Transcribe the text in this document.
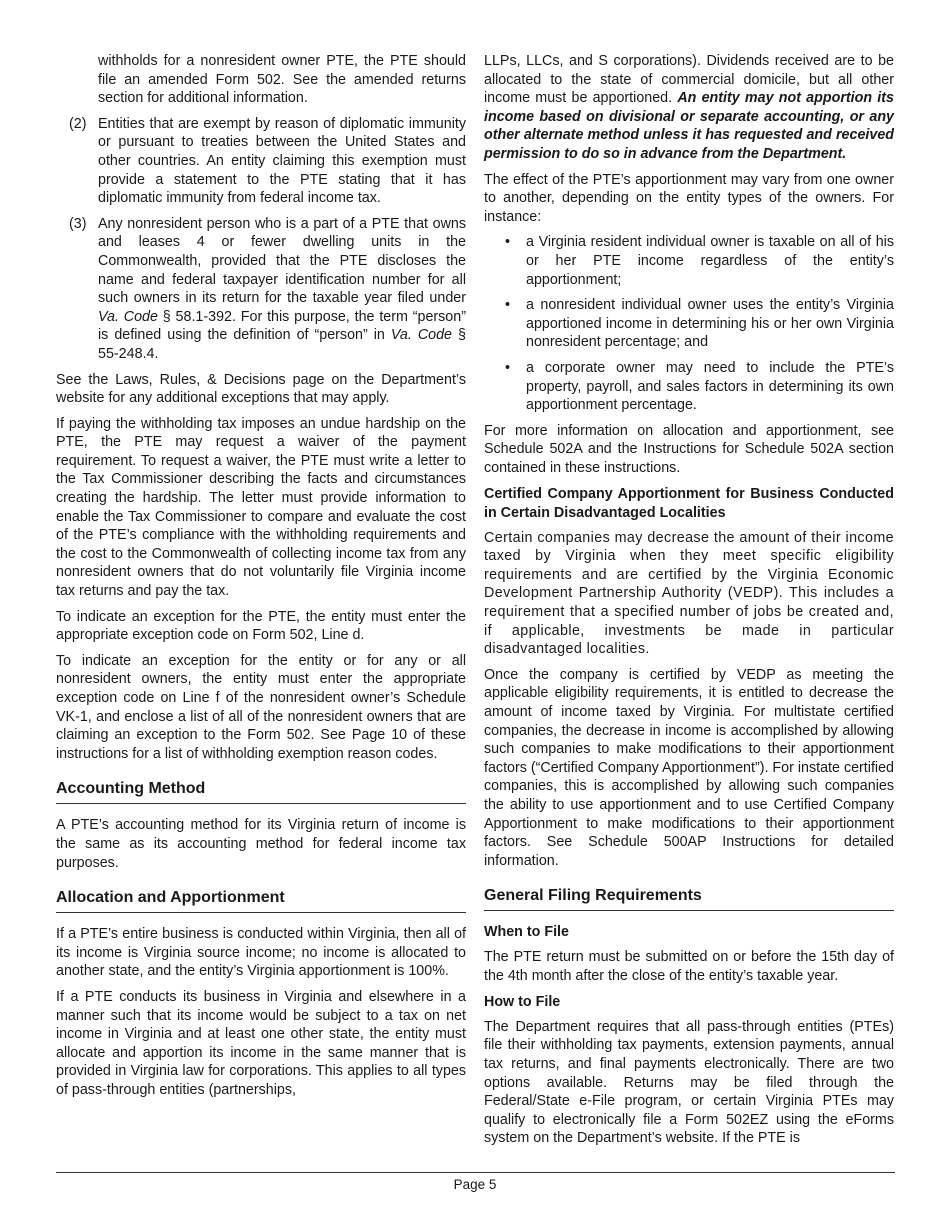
withholds for a nonresident owner PTE, the PTE should file an amended Form 502. See the amended returns section for additional information.

(2) Entities that are exempt by reason of diplomatic immunity or pursuant to treaties between the United States and other countries. An entity claiming this exemption must provide a statement to the PTE stating that it has diplomatic immunity from federal income tax.
(3) Any nonresident person who is a part of a PTE that owns and leases 4 or fewer dwelling units in the Commonwealth, provided that the PTE discloses the name and federal taxpayer identification number for all such owners in its return for the taxable year filed under Va. Code § 58.1-392. For this purpose, the term “person” is defined using the definition of “person” in Va. Code § 55-248.4.

See the Laws, Rules, & Decisions page on the Department’s website for any additional exceptions that may apply.

If paying the withholding tax imposes an undue hardship on the PTE, the PTE may request a waiver of the payment requirement. To request a waiver, the PTE must write a letter to the Tax Commissioner describing the facts and circumstances creating the hardship. The letter must provide information to enable the Tax Commissioner to compare and evaluate the cost of the PTE’s compliance with the withholding requirements and the cost to the Commonwealth of collecting income tax from any nonresident owners that do not voluntarily file Virginia income tax returns and pay the tax.

To indicate an exception for the PTE, the entity must enter the appropriate exception code on Form 502, Line d.

To indicate an exception for the entity or for any or all nonresident owners, the entity must enter the appropriate exception code on Line f of the nonresident owner’s Schedule VK-1, and enclose a list of all of the nonresident owners that are claiming an exception to the Form 502. See Page 10 of these instructions for a list of withholding exemption reason codes.

Accounting Method

A PTE’s accounting method for its Virginia return of income is the same as its accounting method for federal income tax purposes.

Allocation and Apportionment

If a PTE’s entire business is conducted within Virginia, then all of its income is Virginia source income; no income is allocated to another state, and the entity’s Virginia apportionment is 100%.

If a PTE conducts its business in Virginia and elsewhere in a manner such that its income would be subject to a tax on net income in Virginia and at least one other state, the entity must allocate and apportion its income in the same manner that is provided in Virginia law for corporations. This applies to all types of pass-through entities (partnerships,

LLPs, LLCs, and S corporations). Dividends received are to be allocated to the state of commercial domicile, but all other income must be apportioned. An entity may not apportion its income based on divisional or separate accounting, or any other alternate method unless it has requested and received permission to do so in advance from the Department.

The effect of the PTE’s apportionment may vary from one owner to another, depending on the entity types of the owners. For instance:

• a Virginia resident individual owner is taxable on all of his or her PTE income regardless of the entity’s apportionment;
• a nonresident individual owner uses the entity’s Virginia apportioned income in determining his or her own Virginia nonresident percentage; and
• a corporate owner may need to include the PTE’s property, payroll, and sales factors in determining its own apportionment percentage.

For more information on allocation and apportionment, see Schedule 502A and the Instructions for Schedule 502A section contained in these instructions.

Certified Company Apportionment for Business Conducted in Certain Disadvantaged Localities

Certain companies may decrease the amount of their income taxed by Virginia when they meet specific eligibility requirements and are certified by the Virginia Economic Development Partnership Authority (VEDP). This includes a requirement that a specified number of jobs be created and, if applicable, investments be made in particular disadvantaged localities.

Once the company is certified by VEDP as meeting the applicable eligibility requirements, it is entitled to decrease the amount of income taxed by Virginia. For multistate certified companies, the decrease in income is accomplished by allowing such companies to make modifications to their apportionment factors (“Certified Company Apportionment”). For instate certified companies, this is accomplished by allowing such companies the ability to use apportionment and to use Certified Company Apportionment to make modifications to their apportionment factors. See Schedule 500AP Instructions for detailed information.

General Filing Requirements
When to File

The PTE return must be submitted on or before the 15th day of the 4th month after the close of the entity’s taxable year.

How to File

The Department requires that all pass-through entities (PTEs) file their withholding tax payments, extension payments, annual tax returns, and final payments electronically. There are two options available. Returns may be filed through the Federal/State e-File program, or certain Virginia PTEs may qualify to electronically file a Form 502EZ using the eForms system on the Department’s website. If the PTE is

Page 5
